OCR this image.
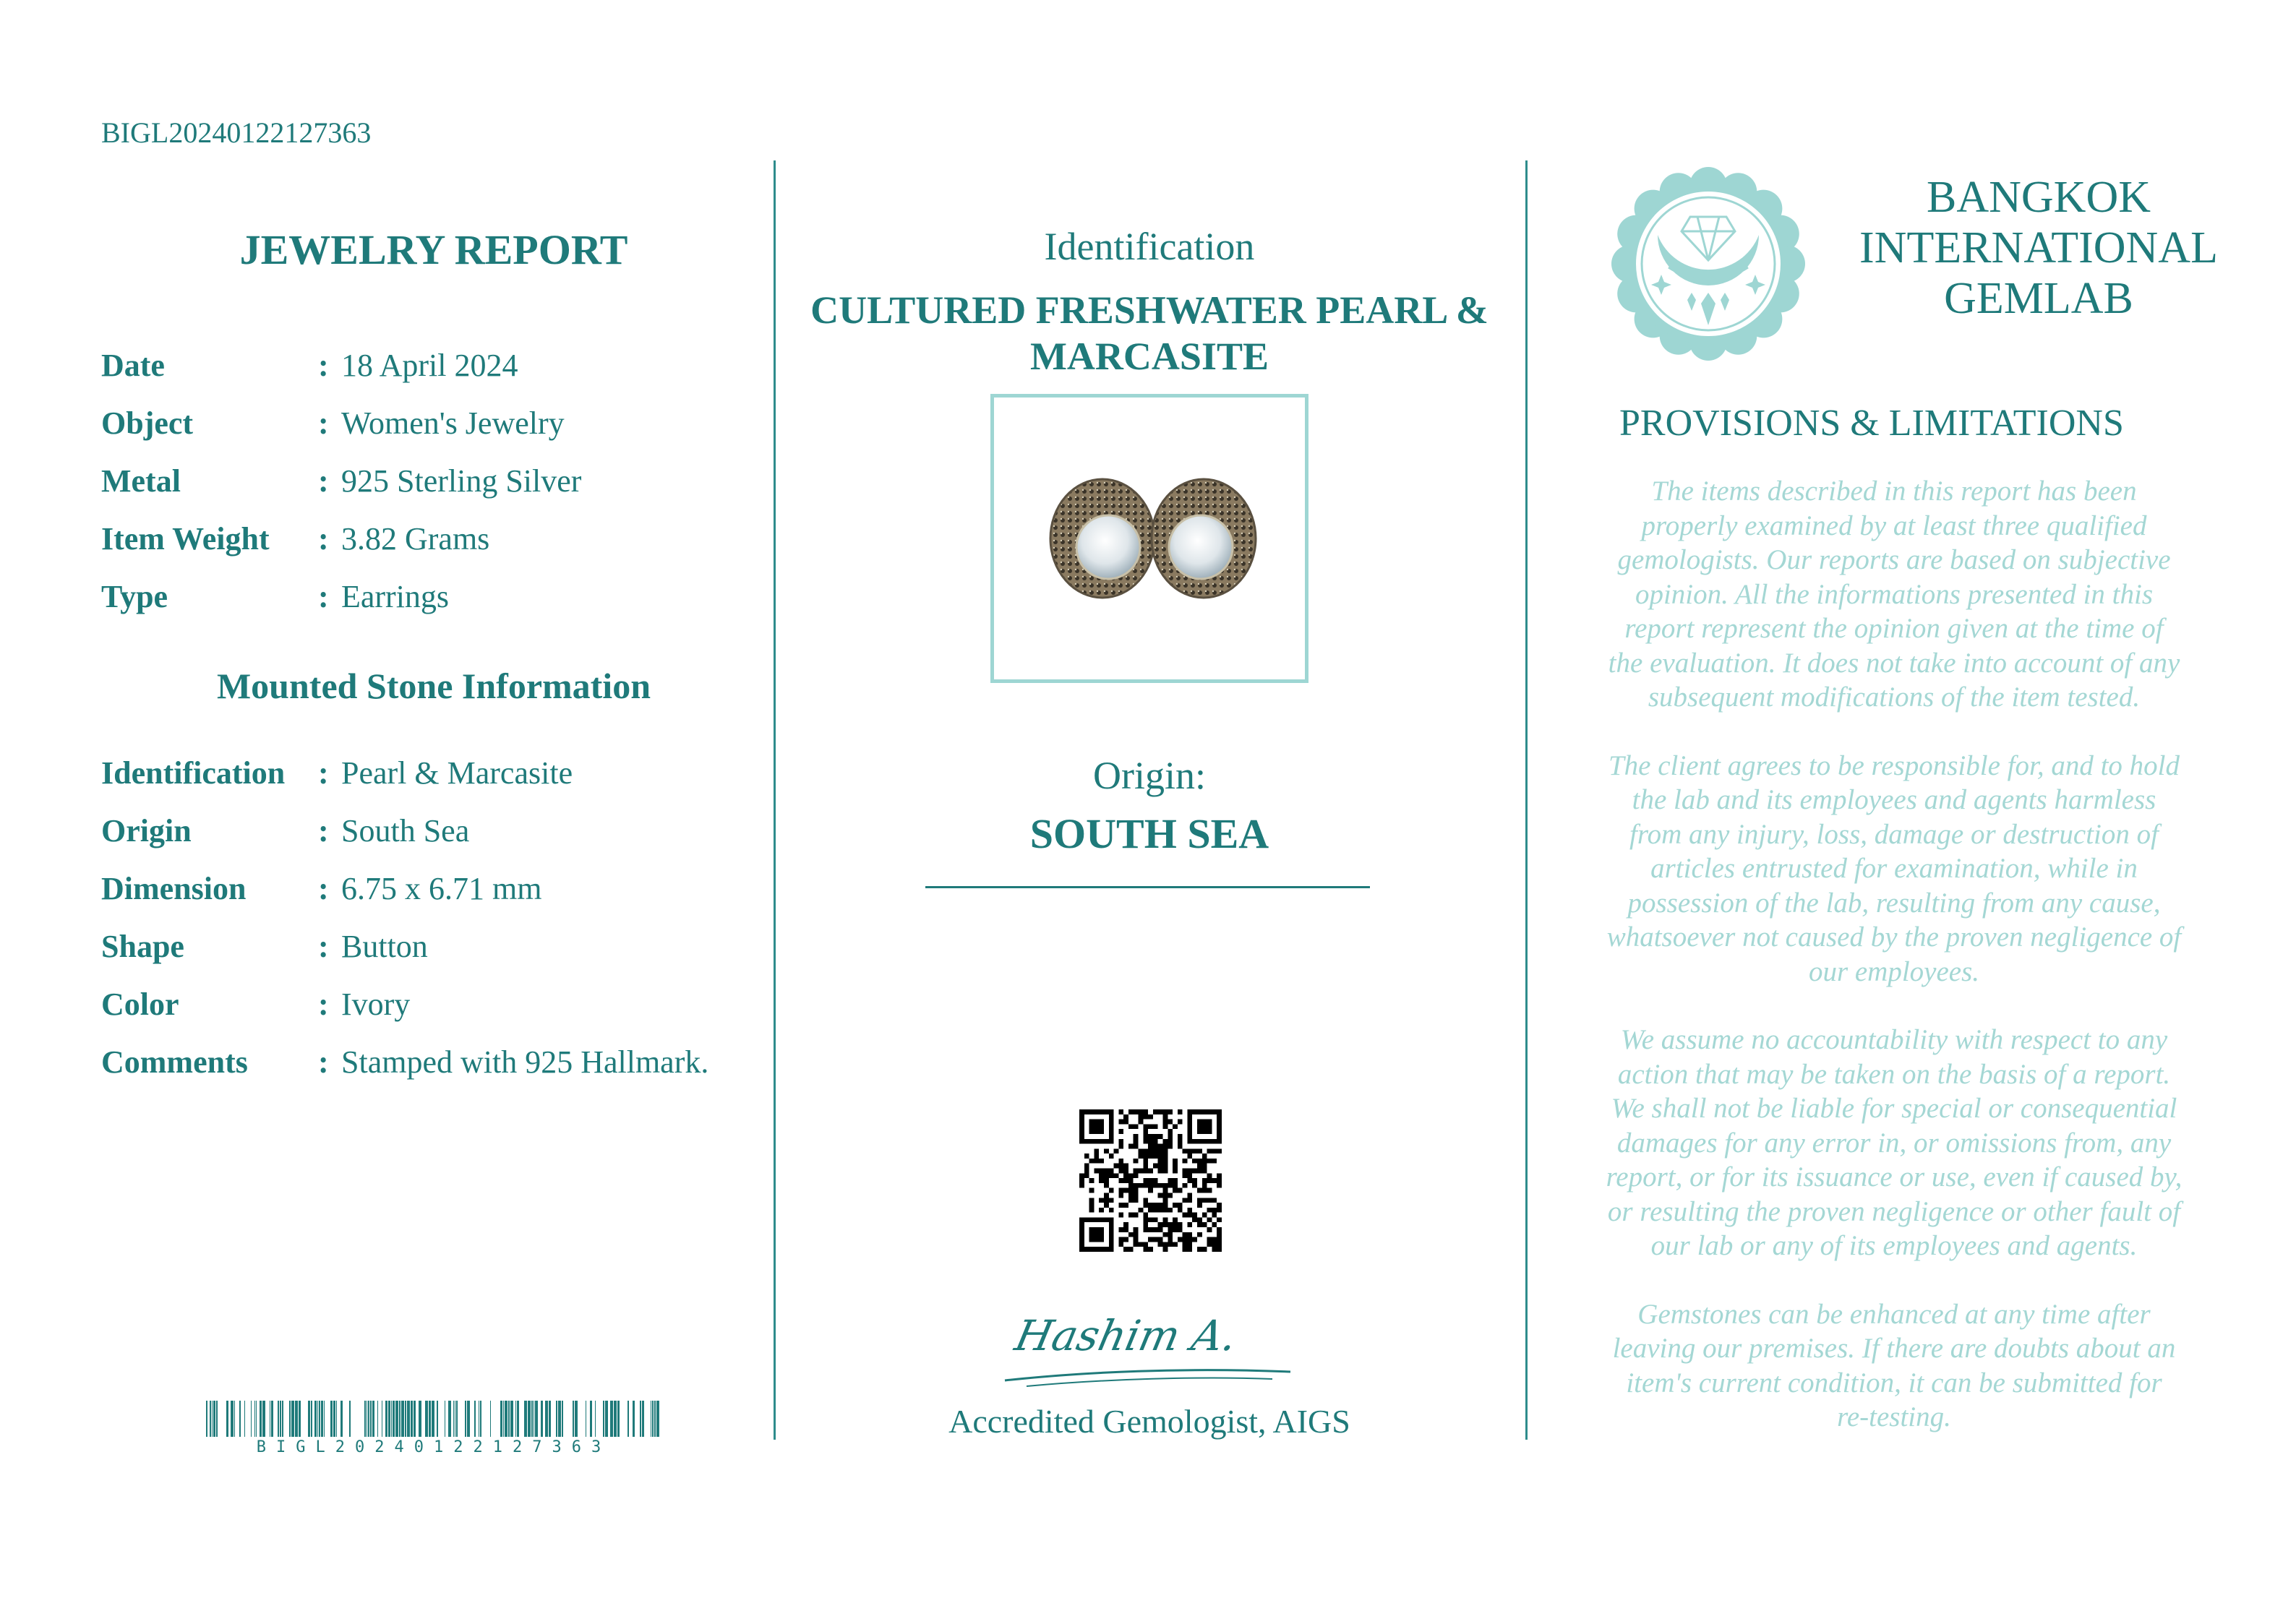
BIGL20240122127363
JEWELRY REPORT
Date	: 18 April 2024
Object	: Women's Jewelry
Metal	: 925 Sterling Silver
Item Weight : 3.82 Grams
Type	: Earrings
Mounted Stone Information
Identification : Pearl & Marcasite
Origin	: South Sea
Dimension : 6.75 x 6.71 mm
Shape	: Button
Color	: Ivory
Comments : Stamped with 925 Hallmark.
BIGL20240122127363
Identification
CULTURED FRESHWATER PEARL &
MARCASITE
Origin:
SOUTH SEA
Hashim A.
Accredited Gemologist, AIGS
BANGKOK
INTERNATIONAL
GEMLAB
PROVISIONS & LIMITATIONS
The items described in this report has been
properly examined by at least three qualified
gemologists. Our reports are based on subjective
opinion. All the informations presented in this
report represent the opinion given at the time of
the evaluation. It does not take into account of any
subsequent modifications of the item tested.
The client agrees to be responsible for, and to hold
the lab and its employees and agents harmless
from any injury, loss, damage or destruction of
articles entrusted for examination, while in
possession of the lab, resulting from any cause,
whatsoever not caused by the proven negligence of
our employees.
We assume no accountability with respect to any
action that may be taken on the basis of a report.
We shall not be liable for special or consequential
damages for any error in, or omissions from, any
report, or for its issuance or use, even if caused by,
or resulting the proven negligence or other fault of
our lab or any of its employees and agents.
Gemstones can be enhanced at any time after
leaving our premises. If there are doubts about an
item's current condition, it can be submitted for
re-testing.
